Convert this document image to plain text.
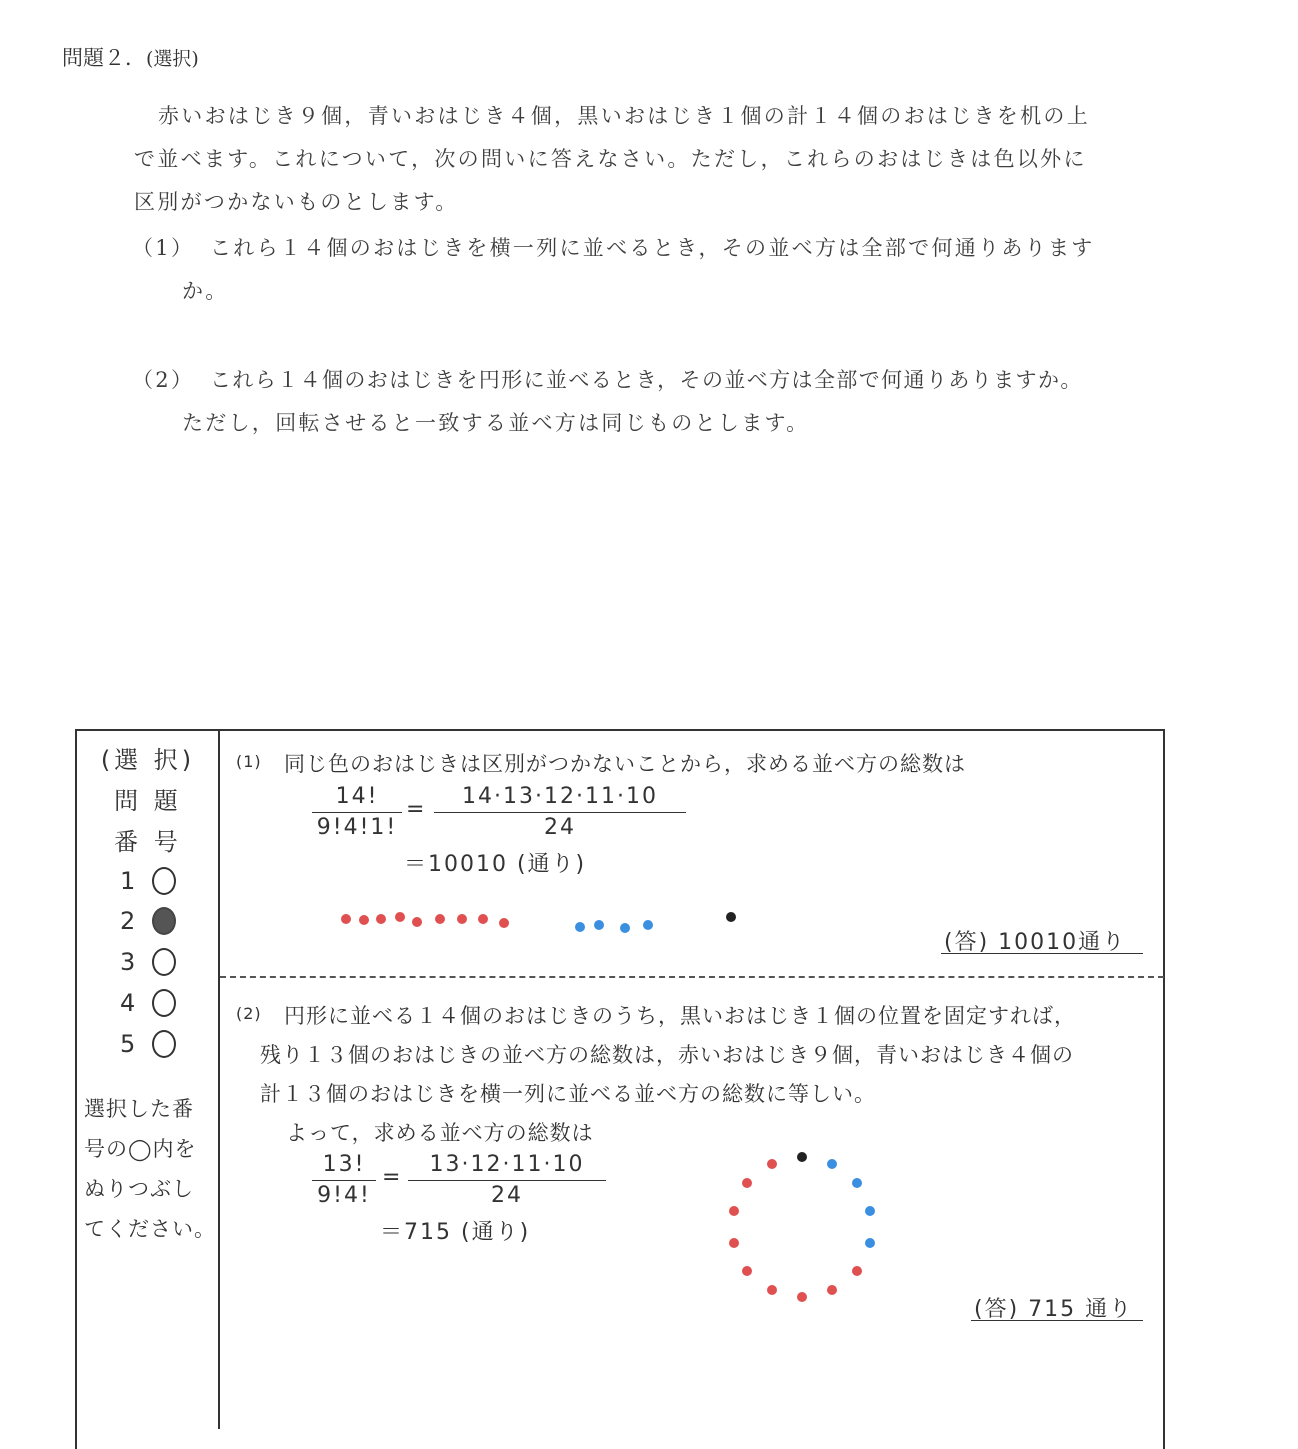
問題２．(選択)
赤いおはじき９個，青いおはじき４個，黒いおはじき１個の計１４個のおはじきを机の上
で並べます。これについて，次の問いに答えなさい。ただし，これらのおはじきは色以外に
区別がつかないものとします。
（1） これら１４個のおはじきを横一列に並べるとき，その並べ方は全部で何通りあります
か。
（2） これら１４個のおはじきを円形に並べるとき，その並べ方は全部で何通りありますか。
ただし，回転させると一致する並べ方は同じものとします。
(選 択)
問 題
番 号
1
2
3
4
5
選択した番
号の◯内を
ぬりつぶし
てください。
(1) 同じ色のおはじきは区別がつかないことから，求める並べ方の総数は
14!
9!4!1!
=
14·13·12·11·10
24
＝10010 (通り)
(答) 10010通り
(2) 円形に並べる１４個のおはじきのうち，黒いおはじき１個の位置を固定すれば，
残り１３個のおはじきの並べ方の総数は，赤いおはじき９個，青いおはじき４個の
計１３個のおはじきを横一列に並べる並べ方の総数に等しい。
よって，求める並べ方の総数は
13!
9!4!
=
13·12·11·10
24
＝715 (通り)
(答) 715 通り
